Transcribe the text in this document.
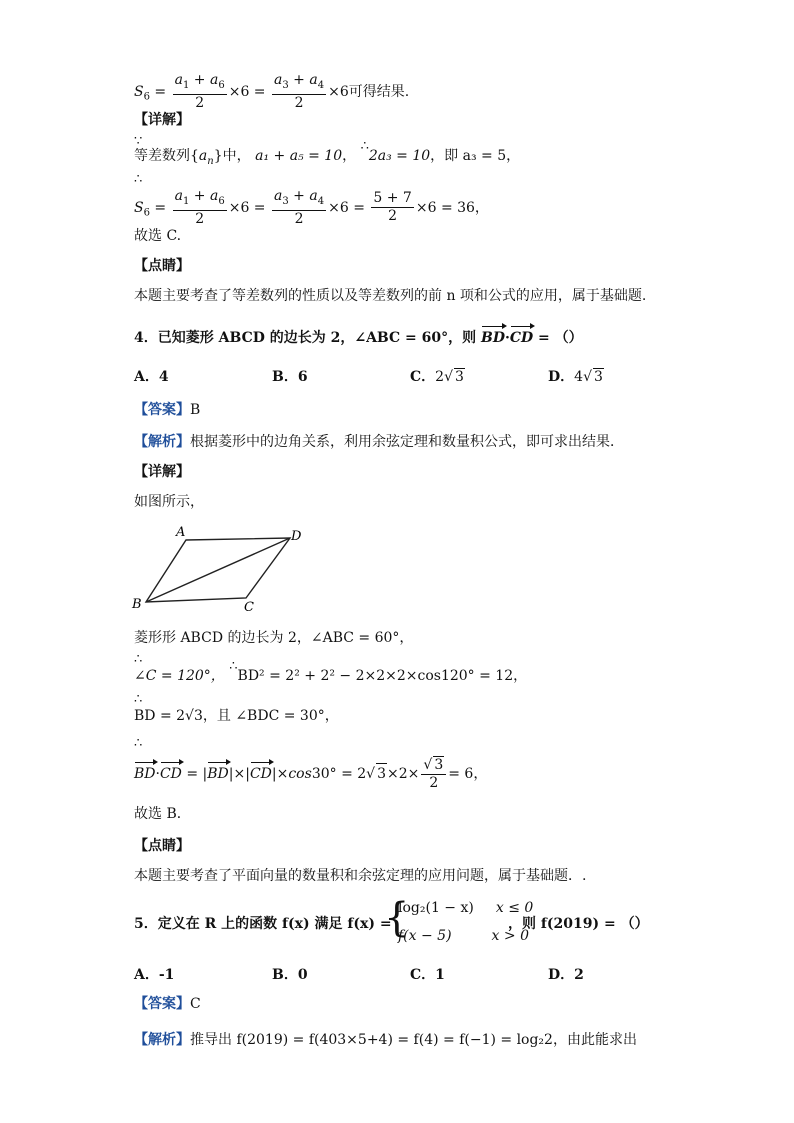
$S_6 = \frac{a_1 + a_6}{2} \times 6 = \frac{a_3 + a_4}{2} \times 6$可得结果.
【详解】
∵
等差数列$\{a_n\}$中， a₁ + a₅ = 10， ∴2a₃ = 10，即 a₃ = 5，
∴
$S_6 = \frac{a_1 + a_6}{2} \times 6 = \frac{a_3 + a_4}{2} \times 6 = \frac{5 + 7}{2} \times 6 = 36$，
故选 C.
【点睛】
本题主要考查了等差数列的性质以及等差数列的前 n 项和公式的应用，属于基础题.
4．已知菱形 ABCD 的边长为 2，∠ABC = 60°，则 BD·CD = （）
A．4	B．6	C．2√ 3	D．4√ 3
【答案】B
【解析】根据菱形中的边角关系，利用余弦定理和数量积公式，即可求出结果．
【详解】
如图所示，
A	D
B	C
菱形形 ABCD 的边长为 2，∠ABC = 60°，
∴
∠C = 120°， ∴BD² = 2² + 2² − 2×2×2×cos120° = 12，
∴
BD = 2√3，且 ∠BDC = 30°，
∴
BD·CD = |BD|×|CD|×cos30° = 2√ $3\times 2\times \frac{√ 3}{2} = 6$，
故选 B．
【点睛】
本题主要考查了平面向量的数量积和余弦定理的应用问题，属于基础题．.
5．定义在 R 上的函数 f(x) 满足 f(x) =
{
log₂(1 − x) x ≤ 0
f(x − 5)	x > 0
，则 f(2019) = （）
A．-1	B．0	C．1	D．2
【答案】C
【解析】推导出 f(2019) = f(403×5+4) = f(4) = f(−1) = log₂2，由此能求出
